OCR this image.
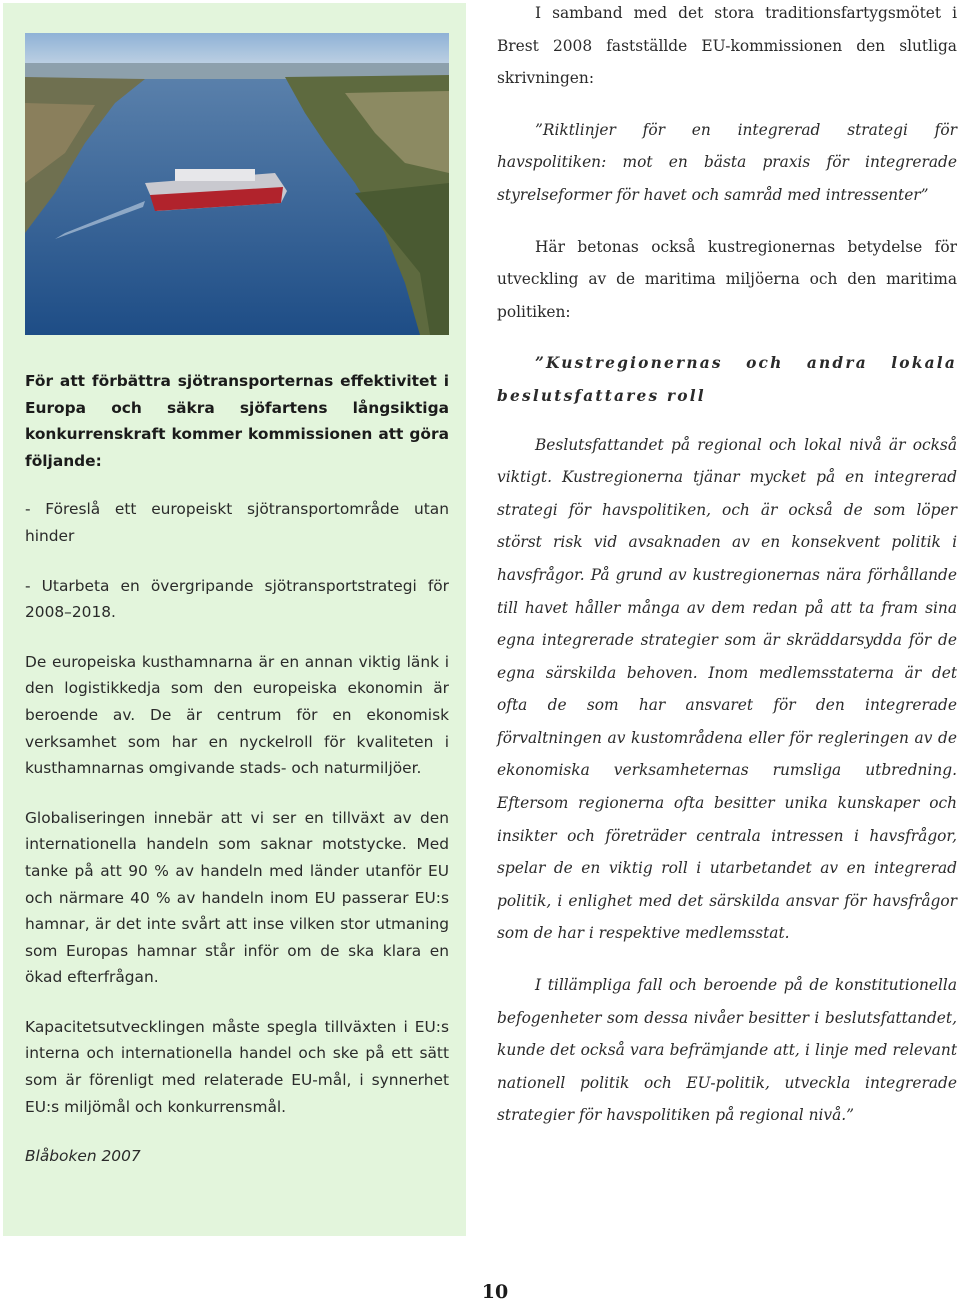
För att förbättra sjötransporternas effektivitet i Europa och säkra sjöfartens långsiktiga konkurrenskraft kommer kommissionen att göra följande:

- Föreslå ett europeiskt sjötransportområde utan hinder

- Utarbeta en övergripande sjötransportstrategi för 2008–2018.

De europeiska kusthamnarna är en annan viktig länk i den logistikkedja som den europeiska ekonomin är beroende av. De är centrum för en ekonomisk verksamhet som har en nyckelroll för kvaliteten i kusthamnarnas omgivande stads- och naturmiljöer.

Globaliseringen innebär att vi ser en tillväxt av den internationella handeln som saknar motstycke. Med tanke på att 90 % av handeln med länder utanför EU och närmare 40 % av handeln inom EU passerar EU:s hamnar, är det inte svårt att inse vilken stor utmaning som Europas hamnar står inför om de ska klara en ökad efterfrågan.

Kapacitetsutvecklingen måste spegla tillväxten i EU:s interna och internationella handel och ske på ett sätt som är förenligt med relaterade EU-mål, i synnerhet EU:s miljömål och konkurrensmål.

Blåboken 2007

I samband med det stora traditionsfartygsmötet i Brest 2008 fastställde EU-kommissionen den slutliga skrivningen:

”Riktlinjer för en integrerad strategi för havspolitiken: mot en bästa praxis för integrerade styrelseformer för havet och samråd med intressenter”

Här betonas också kustregionernas betydelse för utveckling av de maritima miljöerna och den maritima politiken:

”Kustregionernas och andra lokala beslutsfattares roll

Beslutsfattandet på regional och lokal nivå är också viktigt. Kustregionerna tjänar mycket på en integrerad strategi för havspolitiken, och är också de som löper störst risk vid avsaknaden av en konsekvent politik i havsfrågor. På grund av kustregionernas nära förhållande till havet håller många av dem redan på att ta fram sina egna integrerade strategier som är skräddarsydda för de egna särskilda behoven. Inom medlemsstaterna är det ofta de som har ansvaret för den integrerade förvaltningen av kustområdena eller för regleringen av de ekonomiska verksamheternas rumsliga utbredning. Eftersom regionerna ofta besitter unika kunskaper och insikter och företräder centrala intressen i havsfrågor, spelar de en viktig roll i utarbetandet av en integrerad politik, i enlighet med det särskilda ansvar för havsfrågor som de har i respektive medlemsstat.

I tillämpliga fall och beroende på de konstitutionella befogenheter som dessa nivåer besitter i beslutsfattandet, kunde det också vara befrämjande att, i linje med relevant nationell politik och EU-politik, utveckla integrerade strategier för havspolitiken på regional nivå.”

10
